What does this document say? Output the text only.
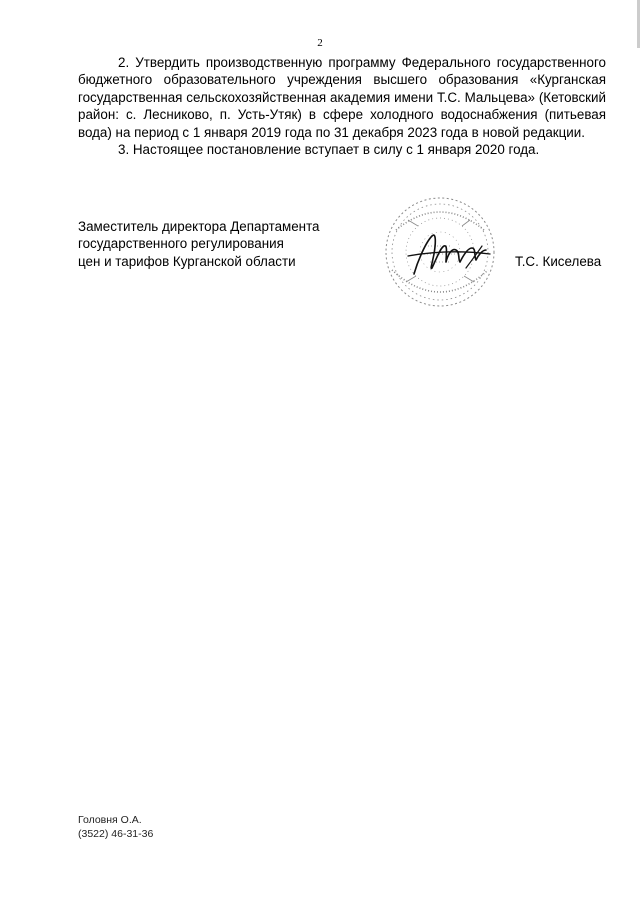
2

2. Утвердить производственную программу Федерального государственного бюджетного образовательного учреждения высшего образования «Курганская государственная сельскохозяйственная академия имени Т.С. Мальцева» (Кетовский район: с. Лесниково, п. Усть-Утяк) в сфере холодного водоснабжения (питьевая вода) на период с 1 января 2019 года по 31 декабря 2023 года в новой редакции.

3. Настоящее постановление вступает в силу с 1 января 2020 года.

Заместитель директора Департамента
государственного регулирования
цен и тарифов Курганской области	Т.С. Киселева
Головня О.А.
(3522) 46-31-36
